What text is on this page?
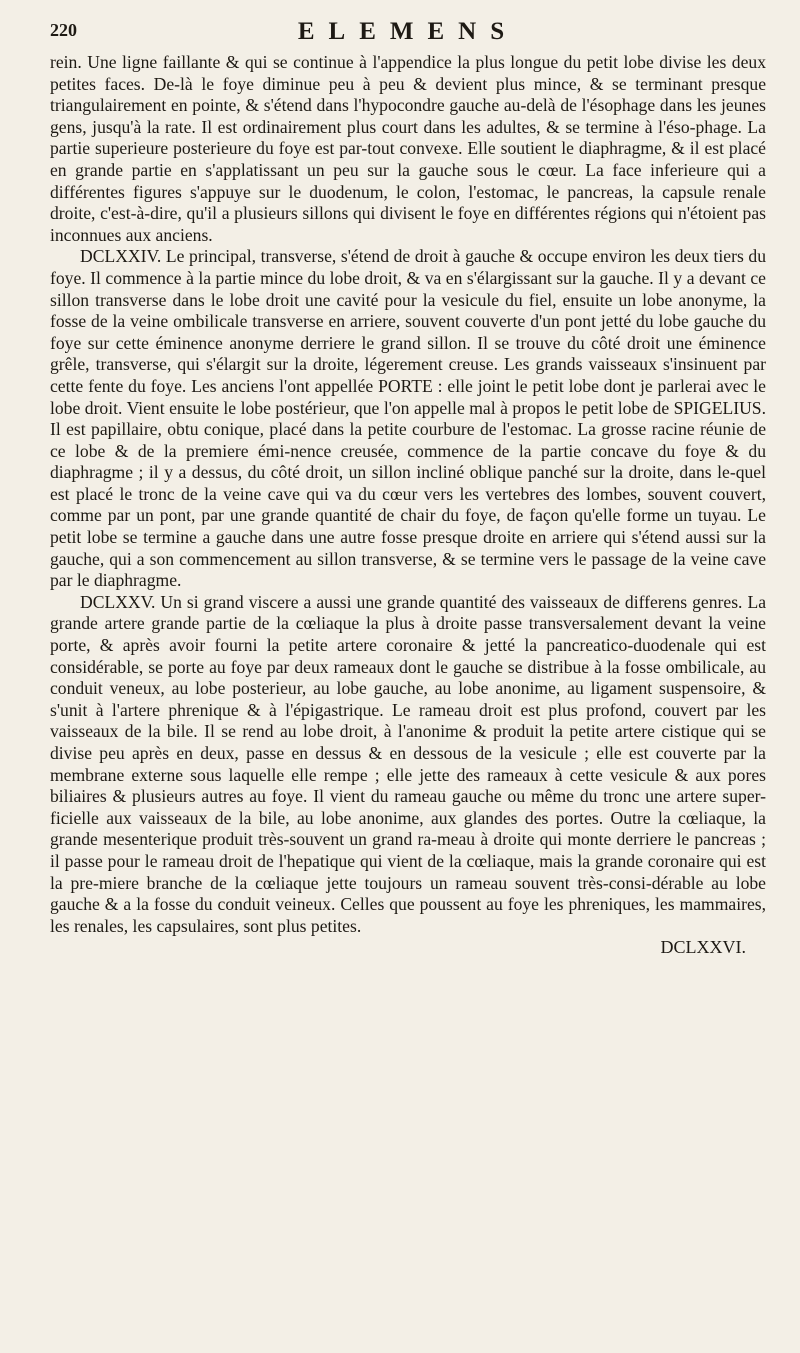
220	ELEMENS

rein. Une ligne faillante & qui se continue à l'appendice la plus longue du petit lobe divise les deux petites faces. De-là le foye diminue peu à peu & devient plus mince, & se terminant presque triangulairement en pointe, & s'étend dans l'hypocondre gauche au-delà de l'ésophage dans les jeunes gens, jusqu'à la rate. Il est ordinairement plus court dans les adultes, & se termine à l'éso-phage. La partie superieure posterieure du foye est par-tout convexe. Elle soutient le diaphragme, & il est placé en grande partie en s'applatissant un peu sur la gauche sous le cœur. La face inferieure qui a différentes figures s'appuye sur le duodenum, le colon, l'estomac, le pancreas, la capsule renale droite, c'est-à-dire, qu'il a plusieurs sillons qui divisent le foye en différentes régions qui n'étoient pas inconnues aux anciens.

DCLXXIV. Le principal, transverse, s'étend de droit à gauche & occupe environ les deux tiers du foye. Il commence à la partie mince du lobe droit, & va en s'élargissant sur la gauche. Il y a devant ce sillon transverse dans le lobe droit une cavité pour la vesicule du fiel, ensuite un lobe anonyme, la fosse de la veine ombilicale transverse en arriere, souvent couverte d'un pont jetté du lobe gauche du foye sur cette éminence anonyme derriere le grand sillon. Il se trouve du côté droit une éminence grêle, transverse, qui s'élargit sur la droite, légerement creuse. Les grands vaisseaux s'insinuent par cette fente du foye. Les anciens l'ont appellée PORTE : elle joint le petit lobe dont je parlerai avec le lobe droit. Vient ensuite le lobe postérieur, que l'on appelle mal à propos le petit lobe de SPIGELIUS. Il est papillaire, obtu conique, placé dans la petite courbure de l'estomac. La grosse racine réunie de ce lobe & de la premiere émi-nence creusée, commence de la partie concave du foye & du diaphragme ; il y a dessus, du côté droit, un sillon incliné oblique panché sur la droite, dans le-quel est placé le tronc de la veine cave qui va du cœur vers les vertebres des lombes, souvent couvert, comme par un pont, par une grande quantité de chair du foye, de façon qu'elle forme un tuyau. Le petit lobe se termine a gauche dans une autre fosse presque droite en arriere qui s'étend aussi sur la gauche, qui a son commencement au sillon transverse, & se termine vers le passage de la veine cave par le diaphragme.

DCLXXV. Un si grand viscere a aussi une grande quantité des vaisseaux de differens genres. La grande artere grande partie de la cœliaque la plus à droite passe transversalement devant la veine porte, & après avoir fourni la petite artere coronaire & jetté la pancreatico-duodenale qui est considérable, se porte au foye par deux rameaux dont le gauche se distribue à la fosse ombilicale, au conduit veneux, au lobe posterieur, au lobe gauche, au lobe anonime, au ligament suspensoire, & s'unit à l'artere phrenique & à l'épigastrique. Le rameau droit est plus profond, couvert par les vaisseaux de la bile. Il se rend au lobe droit, à l'anonime & produit la petite artere cistique qui se divise peu après en deux, passe en dessus & en dessous de la vesicule ; elle est couverte par la membrane externe sous laquelle elle rempe ; elle jette des rameaux à cette vesicule & aux pores biliaires & plusieurs autres au foye. Il vient du rameau gauche ou même du tronc une artere super-ficielle aux vaisseaux de la bile, au lobe anonime, aux glandes des portes. Outre la cœliaque, la grande mesenterique produit très-souvent un grand ra-meau à droite qui monte derriere le pancreas ; il passe pour le rameau droit de l'hepatique qui vient de la cœliaque, mais la grande coronaire qui est la pre-miere branche de la cœliaque jette toujours un rameau souvent très-consi-dérable au lobe gauche & a la fosse du conduit veineux. Celles que poussent au foye les phreniques, les mammaires, les renales, les capsulaires, sont plus petites.

DCLXXVI.
